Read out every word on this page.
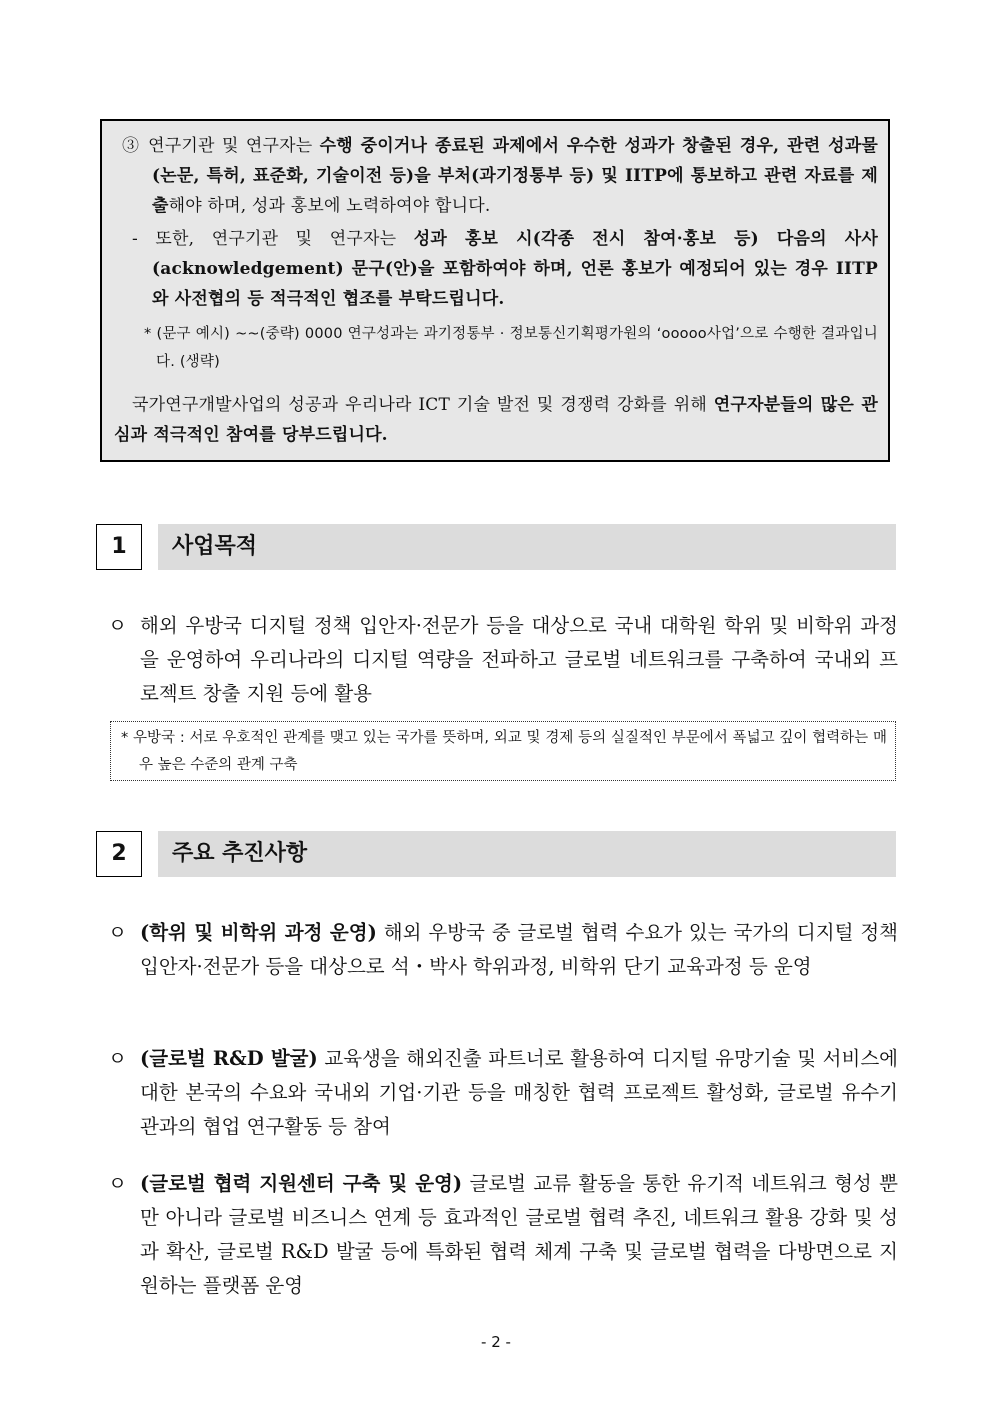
③ 연구기관 및 연구자는 수행 중이거나 종료된 과제에서 우수한 성과가 창출된 경우, 관련 성과물(논문, 특허, 표준화, 기술이전 등)을 부처(과기정통부 등) 및 IITP에 통보하고 관련 자료를 제출해야 하며, 성과 홍보에 노력하여야 합니다.

- 또한, 연구기관 및 연구자는 성과 홍보 시(각종 전시 참여·홍보 등) 다음의 사사(acknowledgement) 문구(안)을 포함하여야 하며, 언론 홍보가 예정되어 있는 경우 IITP와 사전협의 등 적극적인 협조를 부탁드립니다.

* (문구 예시) ~~(중략) 0000 연구성과는 과기정통부 · 정보통신기획평가원의 ‘ooooo사업’으로 수행한 결과입니다. (생략)

국가연구개발사업의 성공과 우리나라 ICT 기술 발전 및 경쟁력 강화를 위해 연구자분들의 많은 관심과 적극적인 참여를 당부드립니다.

1	사업목적
ㅇ 해외 우방국 디지털 정책 입안자·전문가 등을 대상으로 국내 대학원 학위 및 비학위 과정을 운영하여 우리나라의 디지털 역량을 전파하고 글로벌 네트워크를 구축하여 국내외 프로젝트 창출 지원 등에 활용
* 우방국 : 서로 우호적인 관계를 맺고 있는 국가를 뜻하며, 외교 및 경제 등의 실질적인 부문에서 폭넓고 깊이 협력하는 매우 높은 수준의 관계 구축
2	주요 추진사항
ㅇ (학위 및 비학위 과정 운영) 해외 우방국 중 글로벌 협력 수요가 있는 국가의 디지털 정책 입안자·전문가 등을 대상으로 석・박사 학위과정, 비학위 단기 교육과정 등 운영
ㅇ (글로벌 R&D 발굴) 교육생을 해외진출 파트너로 활용하여 디지털 유망기술 및 서비스에 대한 본국의 수요와 국내외 기업·기관 등을 매칭한 협력 프로젝트 활성화, 글로벌 유수기관과의 협업 연구활동 등 참여
ㅇ (글로벌 협력 지원센터 구축 및 운영) 글로벌 교류 활동을 통한 유기적 네트워크 형성 뿐만 아니라 글로벌 비즈니스 연계 등 효과적인 글로벌 협력 추진, 네트워크 활용 강화 및 성과 확산, 글로벌 R&D 발굴 등에 특화된 협력 체계 구축 및 글로벌 협력을 다방면으로 지원하는 플랫폼 운영
- 2 -
